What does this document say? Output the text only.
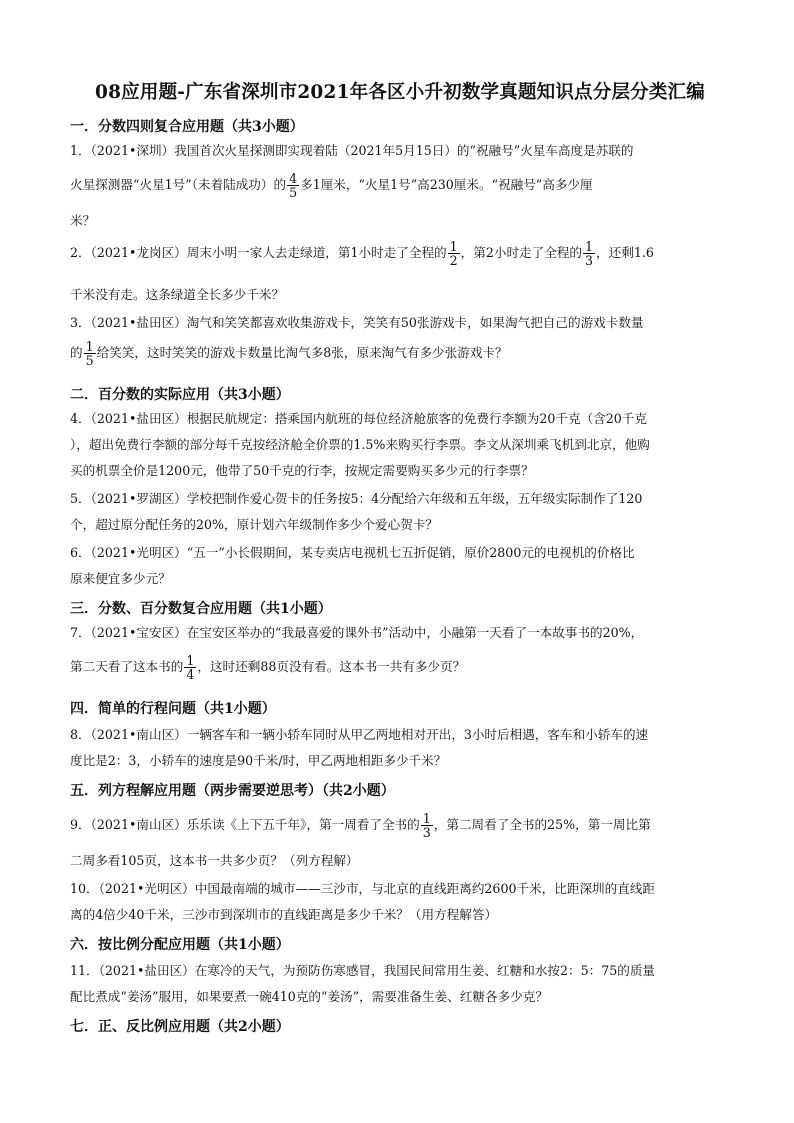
08应用题-广东省深圳市2021年各区小升初数学真题知识点分层分类汇编
一．分数四则复合应用题（共3小题）
1．（2021•深圳）我国首次火星探测即实现着陆（2021年5月15日）的“祝融号”火星车高度是苏联的
火星探测器“火星1号”（未着陆成功）的 $\frac{4}{5}$ 多1厘米，“火星1号”高230厘米。“祝融号”高多少厘
米？
2．（2021•龙岗区）周末小明一家人去走绿道，第1小时走了全程的 $\frac{1}{2}$ ，第2小时走了全程的 $\frac{1}{3}$ ，还剩1.6
千米没有走。这条绿道全长多少千米？
3．（2021•盐田区）淘气和笑笑都喜欢收集游戏卡，笑笑有50张游戏卡，如果淘气把自己的游戏卡数量
的 $\frac{1}{5}$ 给笑笑，这时笑笑的游戏卡数量比淘气多8张，原来淘气有多少张游戏卡？
二．百分数的实际应用（共3小题）
4．（2021•盐田区）根据民航规定：搭乘国内航班的每位经济舱旅客的免费行李额为20千克（含20千克
），超出免费行李额的部分每千克按经济舱全价票的1.5%来购买行李票。李文从深圳乘飞机到北京，他购
买的机票全价是1200元，他带了50千克的行李，按规定需要购买多少元的行李票？
5．（2021•罗湖区）学校把制作爱心贺卡的任务按5：4分配给六年级和五年级，五年级实际制作了120
个，超过原分配任务的20%，原计划六年级制作多少个爱心贺卡？
6．（2021•光明区）“五一”小长假期间，某专卖店电视机七五折促销，原价2800元的电视机的价格比
原来便宜多少元？
三．分数、百分数复合应用题（共1小题）
7．（2021•宝安区）在宝安区举办的“我最喜爱的课外书”活动中，小融第一天看了一本故事书的20%，
第二天看了这本书的 $\frac{1}{4}$ ，这时还剩88页没有看。这本书一共有多少页？
四．简单的行程问题（共1小题）
8．（2021•南山区）一辆客车和一辆小轿车同时从甲乙两地相对开出，3小时后相遇，客车和小轿车的速
度比是2：3，小轿车的速度是90千米/时，甲乙两地相距多少千米？
五．列方程解应用题（两步需要逆思考）（共2小题）
9．（2021•南山区）乐乐读《上下五千年》，第一周看了全书的 $\frac{1}{3}$ ，第二周看了全书的25%，第一周比第
二周多看105页，这本书一共多少页？（列方程解）
10．（2021•光明区）中国最南端的城市——三沙市，与北京的直线距离约2600千米，比距深圳的直线距
离的4倍少40千米，三沙市到深圳市的直线距离是多少千米？（用方程解答）
六．按比例分配应用题（共1小题）
11．（2021•盐田区）在寒冷的天气，为预防伤寒感冒，我国民间常用生姜、红糖和水按2：5：75的质量
配比煮成“姜汤”服用，如果要煮一碗410克的“姜汤”，需要准备生姜、红糖各多少克？
七．正、反比例应用题（共2小题）
